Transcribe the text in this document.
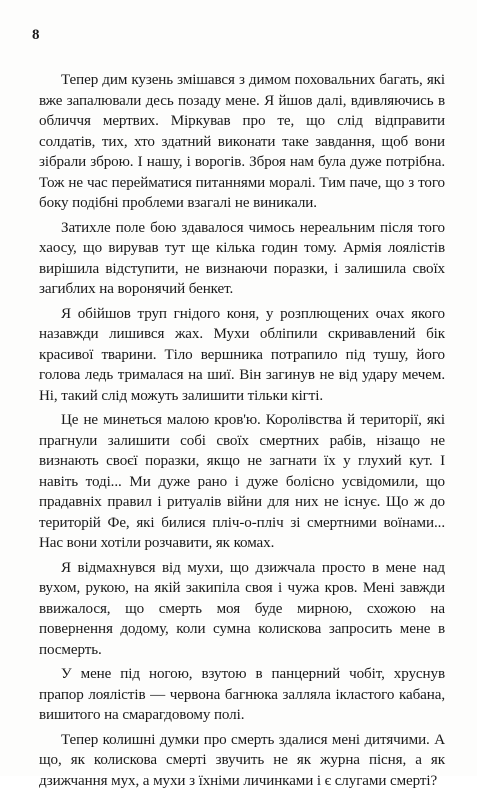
8

Тепер дим кузень змішався з димом поховальних багать, які вже запалювали десь позаду мене. Я йшов далі, вдивляючись в обличчя мертвих. Міркував про те, що слід відправити солдатів, тих, хто здатний виконати таке завдання, щоб вони зібрали зброю. І нашу, і ворогів. Зброя нам була дуже потрібна. Тож не час перейматися питаннями моралі. Тим паче, що з того боку подібні проблеми взагалі не виникали.

Затихле поле бою здавалося чимось нереальним після того хаосу, що вирував тут ще кілька годин тому. Армія лоялістів вирішила відступити, не визнаючи поразки, і залишила своїх загиблих на воронячий бенкет.

Я обійшов труп гнідого коня, у розплющених очах якого назавжди лишився жах. Мухи обліпили скривавлений бік красивої тварини. Тіло вершника потрапило під тушу, його голова ледь трималася на шиї. Він загинув не від удару мечем. Ні, такий слід можуть залишити тільки кігті.

Це не минеться малою кров'ю. Королівства й території, які прагнули залишити собі своїх смертних рабів, нізащо не визнають своєї поразки, якщо не загнати їх у глухий кут. І навіть тоді... Ми дуже рано і дуже болісно усвідомили, що прадавніх правил і ритуалів війни для них не існує. Що ж до територій Фе, які билися пліч-о-пліч зі смертними воїнами... Нас вони хотіли розчавити, як комах.

Я відмахнувся від мухи, що дзижчала просто в мене над вухом, рукою, на якій закипіла своя і чужа кров. Мені завжди ввижалося, що смерть моя буде мирною, схожою на повернення додому, коли сумна колискова запросить мене в посмерть.

У мене під ногою, взутою в панцерний чобіт, хруснув прапор лоялістів — червона багнюка залляла ікластого кабана, вишитого на смарагдовому полі.

Тепер колишні думки про смерть здалися мені дитячими. А що, як колискова смерті звучить не як журна пісня, а як дзижчання мух, а мухи з їхніми личинками і є слугами смерті?
